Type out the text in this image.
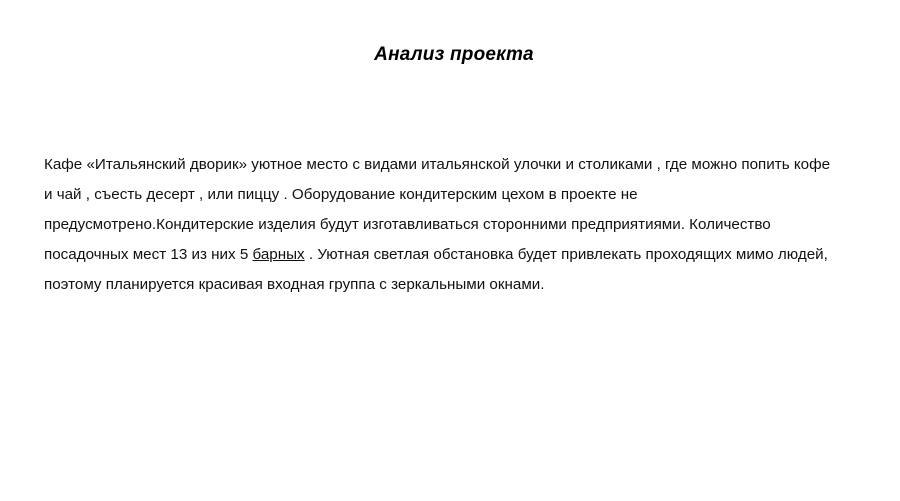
Анализ проекта

Кафе «Итальянский дворик» уютное место с видами итальянской улочки и столиками , где можно попить кофе и чай , съесть десерт , или пиццу . Оборудование кондитерским цехом в проекте не предусмотрено.Кондитерские изделия будут изготавливаться сторонними предприятиями. Количество посадочных мест 13 из них 5 барных . Уютная светлая обстановка будет привлекать проходящих мимо людей, поэтому планируется красивая входная группа с зеркальными окнами.
